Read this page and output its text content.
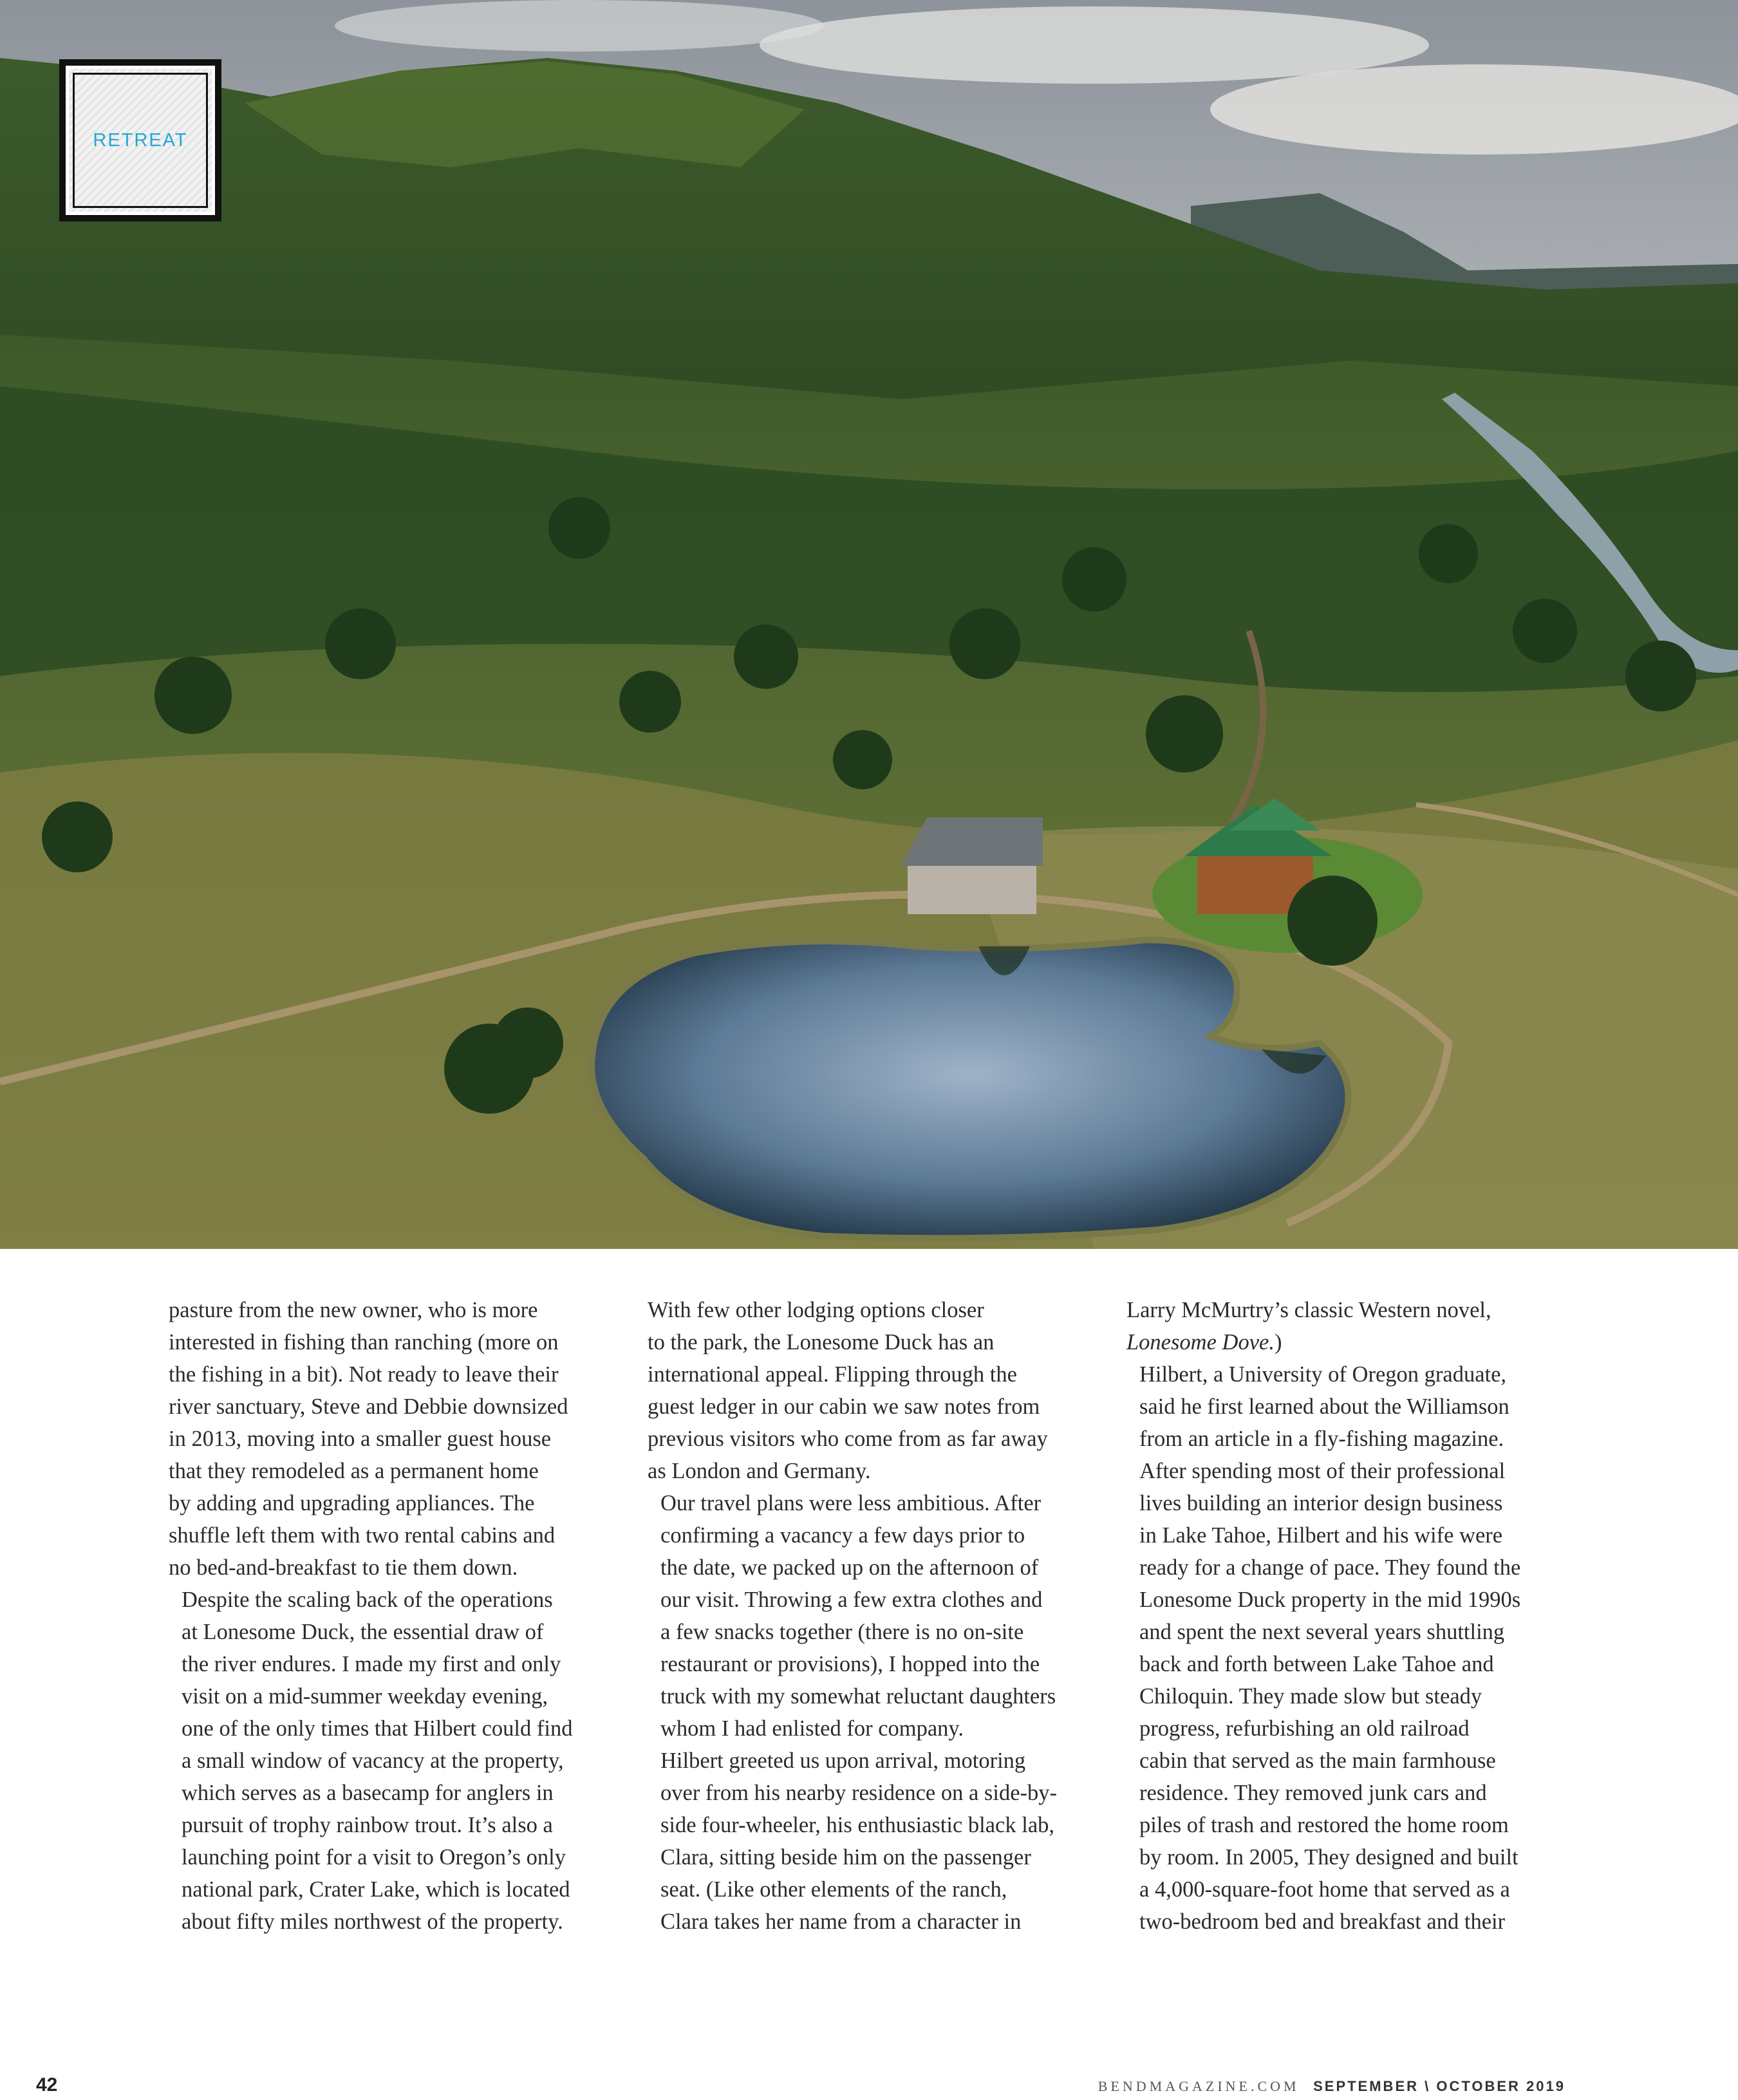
RETREAT

pasture from the new owner, who is more
interested in fishing than ranching (more on
the fishing in a bit). Not ready to leave their
river sanctuary, Steve and Debbie downsized
in 2013, moving into a smaller guest house
that they remodeled as a permanent home
by adding and upgrading appliances. The
shuffle left them with two rental cabins and
no bed-and-breakfast to tie them down.

Despite the scaling back of the operations
at Lonesome Duck, the essential draw of
the river endures. I made my first and only
visit on a mid-summer weekday evening,
one of the only times that Hilbert could find
a small window of vacancy at the property,
which serves as a basecamp for anglers in
pursuit of trophy rainbow trout. It’s also a
launching point for a visit to Oregon’s only
national park, Crater Lake, which is located
about fifty miles northwest of the property.

With few other lodging options closer
to the park, the Lonesome Duck has an
international appeal. Flipping through the
guest ledger in our cabin we saw notes from
previous visitors who come from as far away
as London and Germany.

Our travel plans were less ambitious. After
confirming a vacancy a few days prior to
the date, we packed up on the afternoon of
our visit. Throwing a few extra clothes and
a few snacks together (there is no on-site
restaurant or provisions), I hopped into the
truck with my somewhat reluctant daughters
whom I had enlisted for company.

Hilbert greeted us upon arrival, motoring
over from his nearby residence on a side-by-
side four-wheeler, his enthusiastic black lab,
Clara, sitting beside him on the passenger
seat. (Like other elements of the ranch,
Clara takes her name from a character in

Larry McMurtry’s classic Western novel,

Lonesome Dove.)

Hilbert, a University of Oregon graduate,
said he first learned about the Williamson
from an article in a fly-fishing magazine.
After spending most of their professional
lives building an interior design business
in Lake Tahoe, Hilbert and his wife were
ready for a change of pace. They found the
Lonesome Duck property in the mid 1990s
and spent the next several years shuttling
back and forth between Lake Tahoe and
Chiloquin. They made slow but steady
progress, refurbishing an old railroad
cabin that served as the main farmhouse
residence. They removed junk cars and
piles of trash and restored the home room
by room. In 2005, They designed and built
a 4,000-square-foot home that served as a
two-bedroom bed and breakfast and their

42	BENDMAGAZINE.COM SEPTEMBER \ OCTOBER 2019
